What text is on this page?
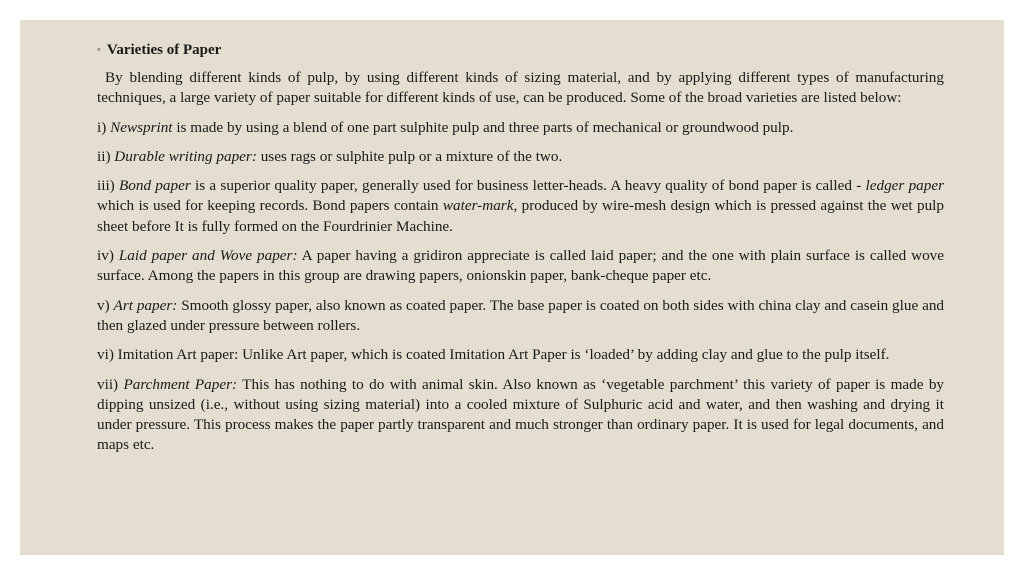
◦ Varieties of Paper

By blending different kinds of pulp, by using different kinds of sizing material, and by applying different types of manufacturing techniques, a large variety of paper suitable for different kinds of use, can be produced. Some of the broad varieties are listed below:

i) Newsprint is made by using a blend of one part sulphite pulp and three parts of mechanical or groundwood pulp.

ii) Durable writing paper: uses rags or sulphite pulp or a mixture of the two.

iii) Bond paper is a superior quality paper, generally used for business letter-heads. A heavy quality of bond paper is called - ledger paper which is used for keeping records. Bond papers contain water-mark, produced by wire-mesh design which is pressed against the wet pulp sheet before It is fully formed on the Fourdrinier Machine.

iv) Laid paper and Wove paper: A paper having a gridiron appreciate is called laid paper; and the one with plain surface is called wove surface. Among the papers in this group are drawing papers, onionskin paper, bank-cheque paper etc.

v) Art paper: Smooth glossy paper, also known as coated paper. The base paper is coated on both sides with china clay and casein glue and then glazed under pressure between rollers.

vi) Imitation Art paper: Unlike Art paper, which is coated Imitation Art Paper is ‘loaded’ by adding clay and glue to the pulp itself.

vii) Parchment Paper: This has nothing to do with animal skin. Also known as ‘vegetable parchment’ this variety of paper is made by dipping unsized (i.e., without using sizing material) into a cooled mixture of Sulphuric acid and water, and then washing and drying it under pressure. This process makes the paper partly transparent and much stronger than ordinary paper. It is used for legal documents, and maps etc.
